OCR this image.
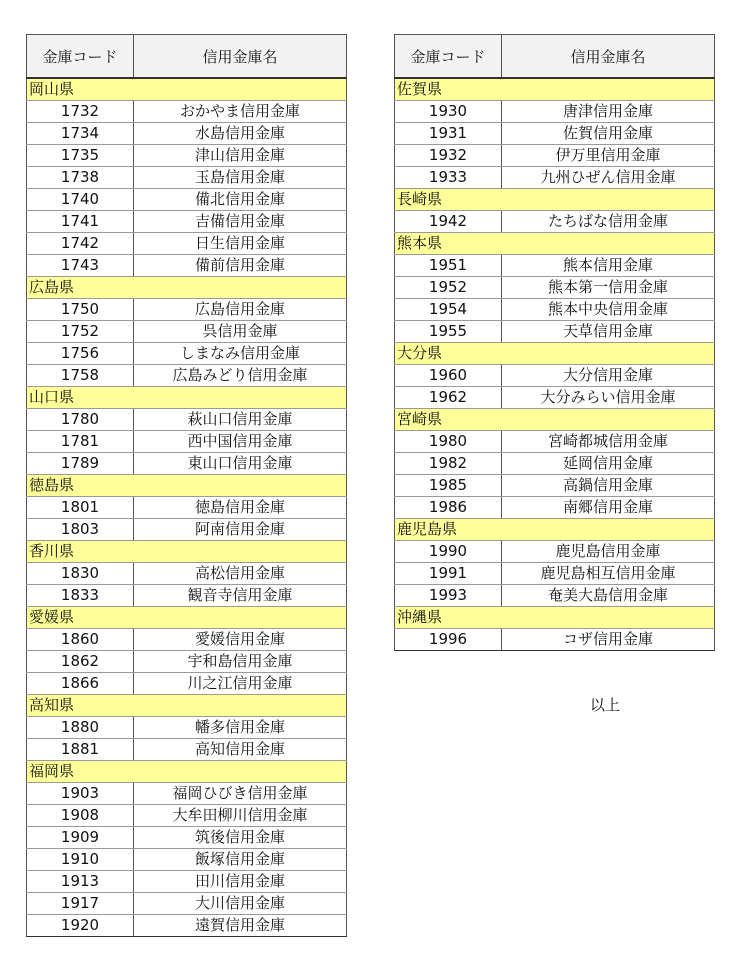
金庫コード	信用金庫名
岡山県	
1732	おかやま信用金庫
1734	水島信用金庫
1735	津山信用金庫
1738	玉島信用金庫
1740	備北信用金庫
1741	吉備信用金庫
1742	日生信用金庫
1743	備前信用金庫
広島県	
1750	広島信用金庫
1752	呉信用金庫
1756	しまなみ信用金庫
1758	広島みどり信用金庫
山口県	
1780	萩山口信用金庫
1781	西中国信用金庫
1789	東山口信用金庫
徳島県	
1801	徳島信用金庫
1803	阿南信用金庫
香川県	
1830	高松信用金庫
1833	観音寺信用金庫
愛媛県	
1860	愛媛信用金庫
1862	宇和島信用金庫
1866	川之江信用金庫
高知県	
1880	幡多信用金庫
1881	高知信用金庫
福岡県	
1903	福岡ひびき信用金庫
1908	大牟田柳川信用金庫
1909	筑後信用金庫
1910	飯塚信用金庫
1913	田川信用金庫
1917	大川信用金庫
1920	遠賀信用金庫
金庫コード	信用金庫名
佐賀県	
1930	唐津信用金庫
1931	佐賀信用金庫
1932	伊万里信用金庫
1933	九州ひぜん信用金庫
長崎県	
1942	たちばな信用金庫
熊本県	
1951	熊本信用金庫
1952	熊本第一信用金庫
1954	熊本中央信用金庫
1955	天草信用金庫
大分県	
1960	大分信用金庫
1962	大分みらい信用金庫
宮崎県	
1980	宮崎都城信用金庫
1982	延岡信用金庫
1985	高鍋信用金庫
1986	南郷信用金庫
鹿児島県	
1990	鹿児島信用金庫
1991	鹿児島相互信用金庫
1993	奄美大島信用金庫
沖縄県	
1996	コザ信用金庫
以上
